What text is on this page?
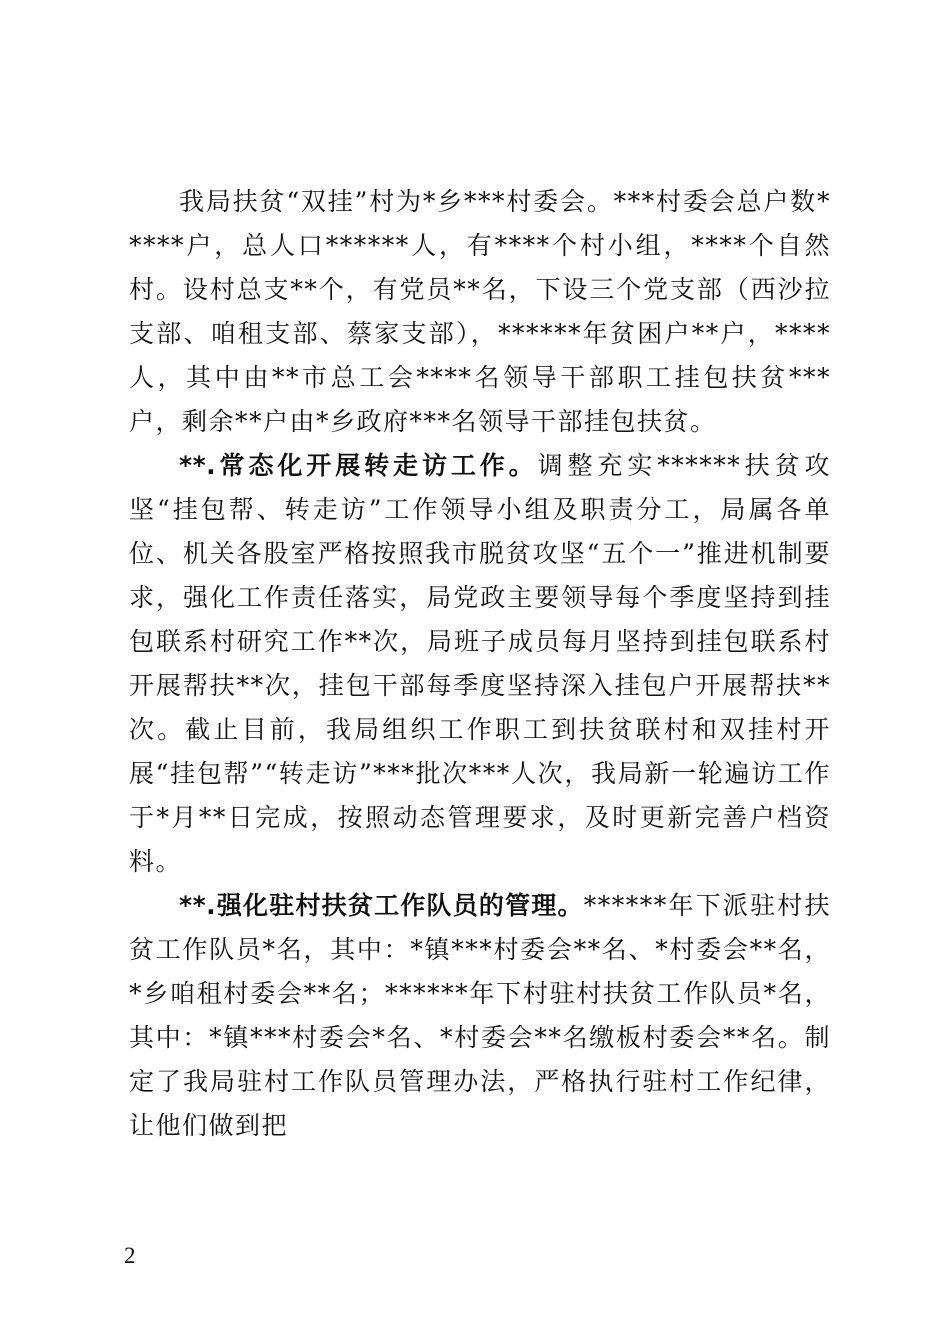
我局扶贫“双挂”村为*乡***村委会。***村委会总户数*****户，总人口******人，有****个村小组，****个自然村。设村总支**个，有党员**名，下设三个党支部（西沙拉支部、咱租支部、蔡家支部），******年贫困户**户，****人，其中由**市总工会****名领导干部职工挂包扶贫***户，剩余**户由*乡政府***名领导干部挂包扶贫。

**.常态化开展转走访工作。调整充实******扶贫攻坚“挂包帮、转走访”工作领导小组及职责分工，局属各单位、机关各股室严格按照我市脱贫攻坚“五个一”推进机制要求，强化工作责任落实，局党政主要领导每个季度坚持到挂包联系村研究工作**次，局班子成员每月坚持到挂包联系村开展帮扶**次，挂包干部每季度坚持深入挂包户开展帮扶**次。截止目前，我局组织工作职工到扶贫联村和双挂村开展“挂包帮”“转走访”***批次***人次，我局新一轮遍访工作于*月**日完成，按照动态管理要求，及时更新完善户档资料。

**.强化驻村扶贫工作队员的管理。******年下派驻村扶贫工作队员*名，其中：*镇***村委会**名、*村委会**名，*乡咱租村委会**名；******年下村驻村扶贫工作队员*名，其中：*镇***村委会*名、*村委会**名缴板村委会**名。制定了我局驻村工作队员管理办法，严格执行驻村工作纪律，让他们做到把

2
